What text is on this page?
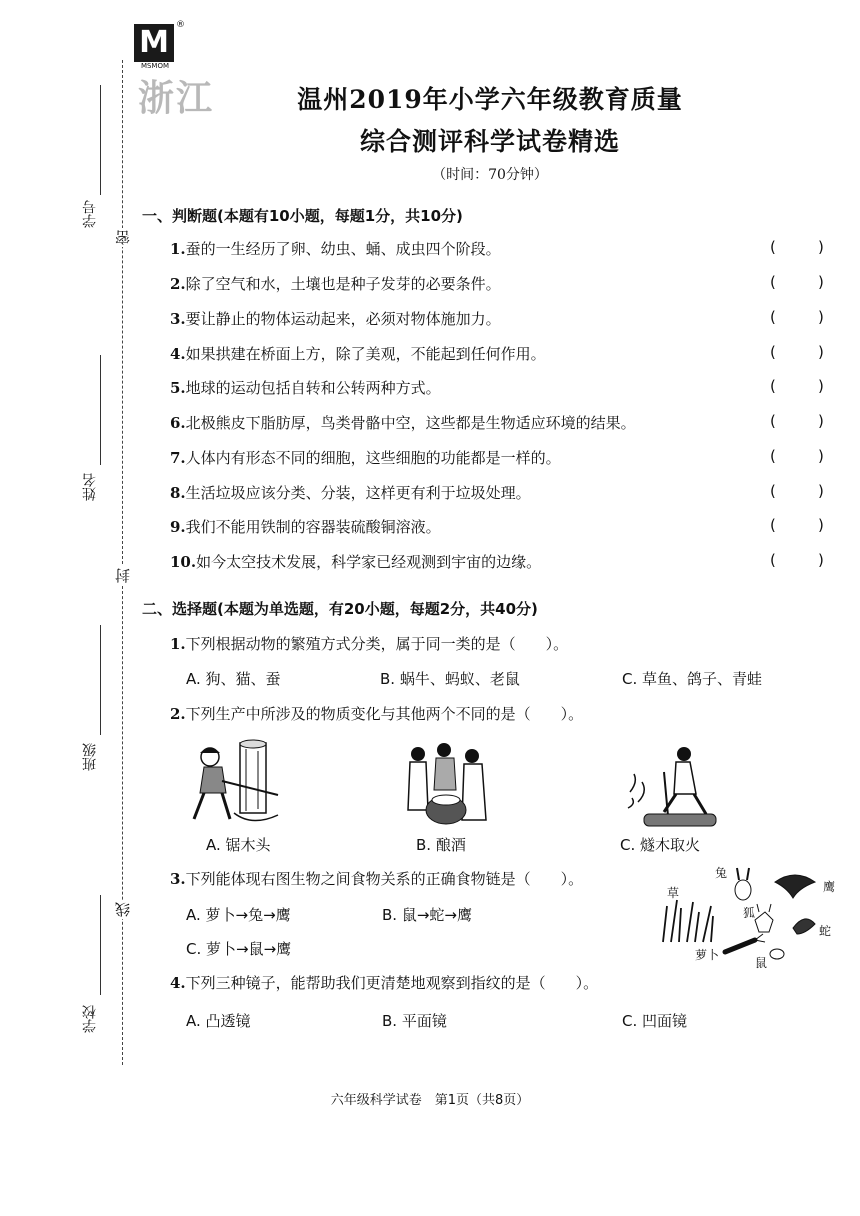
M
MSMOM
®
浙江	温州2019年小学六年级教育质量
综合测评科学试卷精选
（时间：70分钟）
学号
姓名
班级
学校
密
封
线
一、判断题(本题有10小题，每题1分，共10分)
1.蚕的一生经历了卵、幼虫、蛹、成虫四个阶段。	(	)
2.除了空气和水，土壤也是种子发芽的必要条件。	(	)
3.要让静止的物体运动起来，必须对物体施加力。	(	)
4.如果拱建在桥面上方，除了美观，不能起到任何作用。	(	)
5.地球的运动包括自转和公转两种方式。	(	)
6.北极熊皮下脂肪厚，鸟类骨骼中空，这些都是生物适应环境的结果。	(	)
7.人体内有形态不同的细胞，这些细胞的功能都是一样的。	(	)
8.生活垃圾应该分类、分装，这样更有利于垃圾处理。	(	)
9.我们不能用铁制的容器装硫酸铜溶液。	(	)
10.如今太空技术发展，科学家已经观测到宇宙的边缘。	(	)
二、选择题(本题为单选题，有20小题，每题2分，共40分)
1.下列根据动物的繁殖方式分类，属于同一类的是（　　）。
A. 狗、猫、蚕	B. 蜗牛、蚂蚁、老鼠	C. 草鱼、鸽子、青蛙
2.下列生产中所涉及的物质变化与其他两个不同的是（　　）。
A. 锯木头	B. 酿酒	C. 燧木取火
3.下列能体现右图生物之间食物关系的正确食物链是（　　）。
A. 萝卜→兔→鹰	B. 鼠→蛇→鹰
C. 萝卜→鼠→鹰
草
兔
鹰
狐
蛇
萝卜
鼠
4.下列三种镜子，能帮助我们更清楚地观察到指纹的是（　　）。
A. 凸透镜	B. 平面镜	C. 凹面镜
六年级科学试卷　第1页（共8页）
